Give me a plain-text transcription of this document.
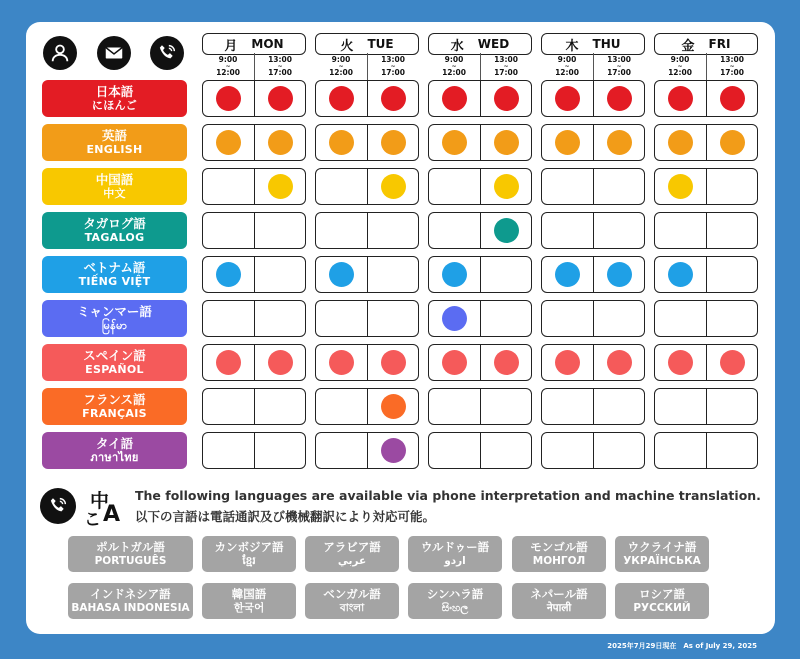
The following languages are available via phone interpretation and machine translation.
以下の言語は電話通訳及び機械翻訳により対応可能。
2025年7月29日現在　As of July 29, 2025
月 MON
9:00
~
12:00
13:00
~
17:00
火 TUE
9:00
~
12:00
13:00
~
17:00
水 WED
9:00
~
12:00
13:00
~
17:00
木 THU
9:00
~
12:00
13:00
~
17:00
金 FRI
9:00
~
12:00
13:00
~
17:00
日本語
にほんご
英語
ENGLISH
中国語
中文
タガログ語
TAGALOG
ベトナム語
TIẾNG VIỆT
ミャンマー語
မြန်မာ
スペイン語
ESPAÑOL
フランス語
FRANÇAIS
タイ語
ภาษาไทย
中
こ A
ポルトガル語
PORTUGUÊS
カンボジア語
ខ្មែរ
アラビア語
عربي
ウルドゥー語
اردو
モンゴル語
МОНГОЛ
ウクライナ語
УКРАЇНСЬКА
インドネシア語
BAHASA INDONESIA
韓国語
한국어
ベンガル語
বাংলা
シンハラ語
සිංහල
ネパール語
नेपाली
ロシア語
РУССКИЙ
